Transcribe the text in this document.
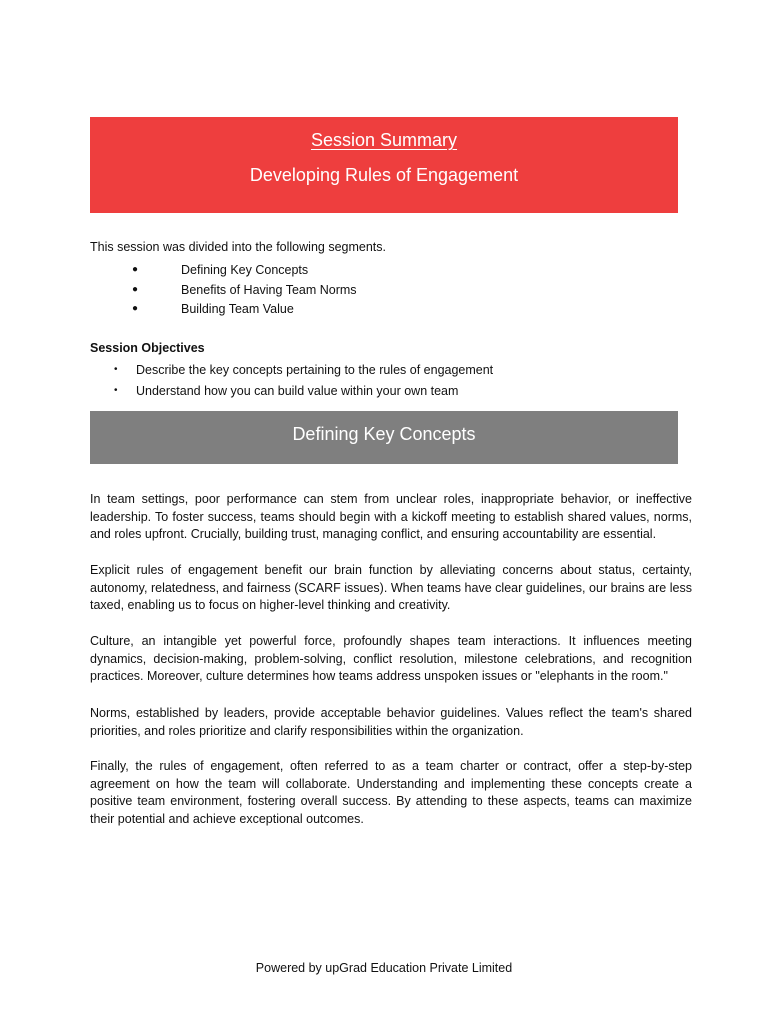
Session Summary
Developing Rules of Engagement
This session was divided into the following segments.
●	Defining Key Concepts
●	Benefits of Having Team Norms
●	Building Team Value
Session Objectives
• Describe the key concepts pertaining to the rules of engagement
• Understand how you can build value within your own team
Defining Key Concepts

In team settings, poor performance can stem from unclear roles, inappropriate behavior, or ineffective leadership. To foster success, teams should begin with a kickoff meeting to establish shared values, norms, and roles upfront. Crucially, building trust, managing conflict, and ensuring accountability are essential.

Explicit rules of engagement benefit our brain function by alleviating concerns about status, certainty, autonomy, relatedness, and fairness (SCARF issues). When teams have clear guidelines, our brains are less taxed, enabling us to focus on higher-level thinking and creativity.

Culture, an intangible yet powerful force, profoundly shapes team interactions. It influences meeting dynamics, decision-making, problem-solving, conflict resolution, milestone celebrations, and recognition practices. Moreover, culture determines how teams address unspoken issues or "elephants in the room."

Norms, established by leaders, provide acceptable behavior guidelines. Values reflect the team's shared priorities, and roles prioritize and clarify responsibilities within the organization.

Finally, the rules of engagement, often referred to as a team charter or contract, offer a step-by-step agreement on how the team will collaborate. Understanding and implementing these concepts create a positive team environment, fostering overall success. By attending to these aspects, teams can maximize their potential and achieve exceptional outcomes.

Powered by upGrad Education Private Limited
